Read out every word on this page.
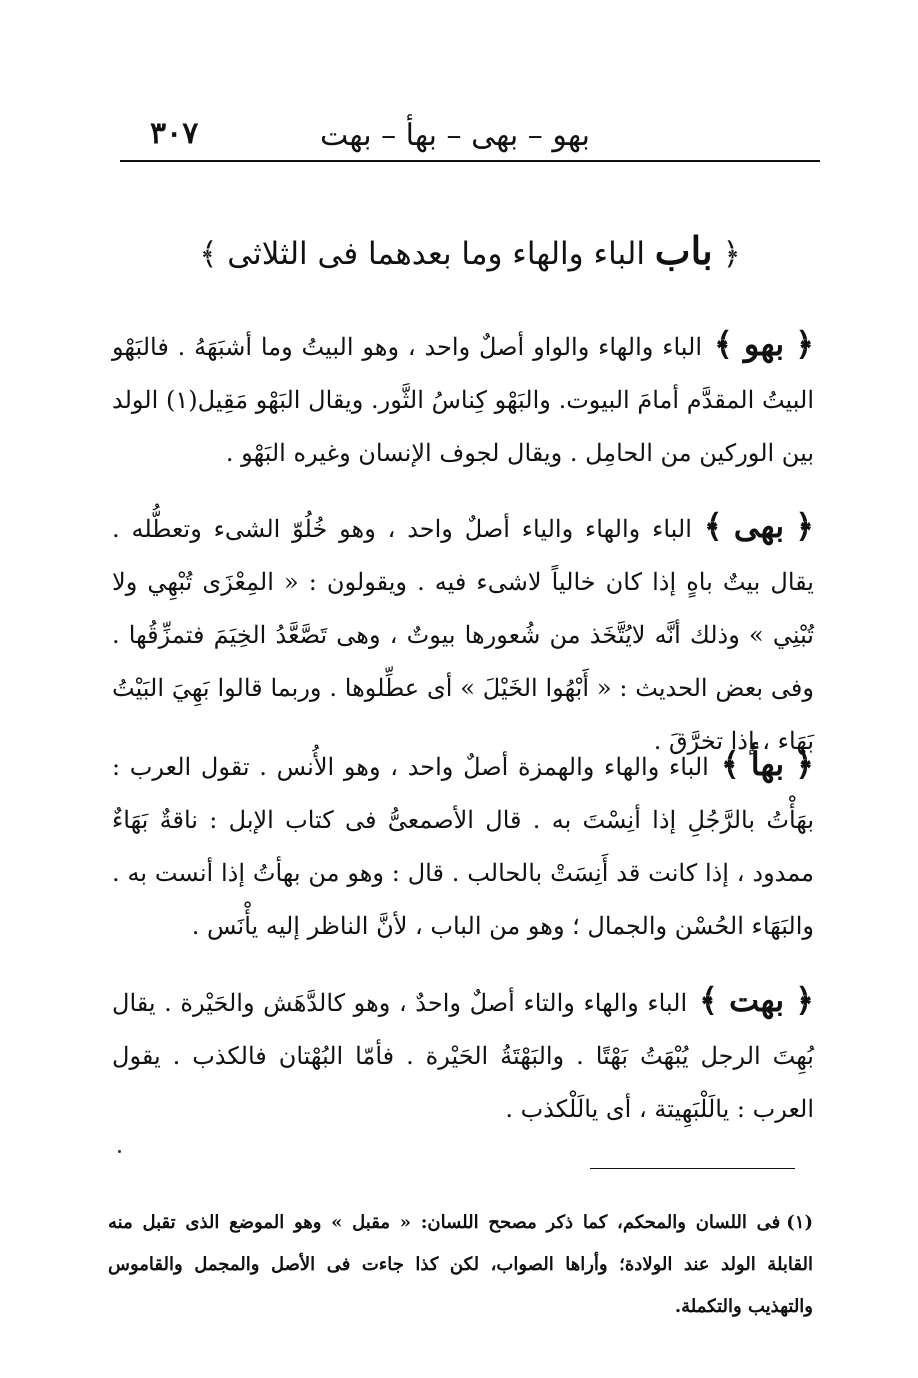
بهو – بهى – بهأ – بهت
٣٠٧
﴿ باب الباء والهاء وما بعدهما فى الثلاثى ﴾
﴿ بهو ﴾الباء والهاء والواو أصلٌ واحد ، وهو البيتُ وما أشبَهَهُ . فالبَهْو البيتُ المقدَّم أمامَ البيوت. والبَهْو كِناسُ الثَّور. ويقال البَهْو مَقِيل(١) الولد بين الوركين من الحامِل . ويقال لجوف الإنسان وغيره البَهْو .
﴿ بهى ﴾الباء والهاء والياء أصلٌ واحد ، وهو خُلُوّ الشىء وتعطُّله . يقال بيتٌ باهٍ إذا كان خالياً لاشىء فيه . ويقولون : « المِعْزَى تُبْهِي ولا تُبْنِي » وذلك أنَّه لايُتَّخَذ من شُعورها بيوتٌ ، وهى تَصَّعَّدُ الخِيَمَ فتمزِّقُها . وفى بعض الحديث : « أَبْهُوا الخَيْلَ » أى عطِّلوها . وربما قالوا بَهِيَ البَيْتُ بَهَاء ، إذا تخرَّقَ .
﴿ بهأ ﴾الباء والهاء والهمزة أصلٌ واحد ، وهو الأُنس . تقول العرب : بهَأْتُ بالرَّجُلِ إذا أنِسْتَ به . قال الأصمعىُّ فى كتاب الإبل : ناقةٌ بَهَاءٌ ممدود ، إذا كانت قد أَنِسَتْ بالحالب . قال : وهو من بهأتُ إذا أنست به . والبَهَاء الحُسْن والجمال ؛ وهو من الباب ، لأنَّ الناظر إليه يأْنَس .
﴿ بهت ﴾الباء والهاء والتاء أصلٌ واحدٌ ، وهو كالدَّهَش والحَيْرة . يقال بُهِتَ الرجل يُبْهَتُ بَهْتًا . والبَهْتَةُ الحَيْرة . فأمّا البُهْتان فالكذب . يقول العرب : يالَلْبَهِيتة ، أى يالَلْكذب .
(١)فى اللسان والمحكم، كما ذكر مصحح اللسان: « مقبل » وهو الموضع الذى تقبل منه القابلة الولد عند الولادة؛ وأراها الصواب، لكن كذا جاءت فى الأصل والمجمل والقاموس والتهذيب والتكملة.
